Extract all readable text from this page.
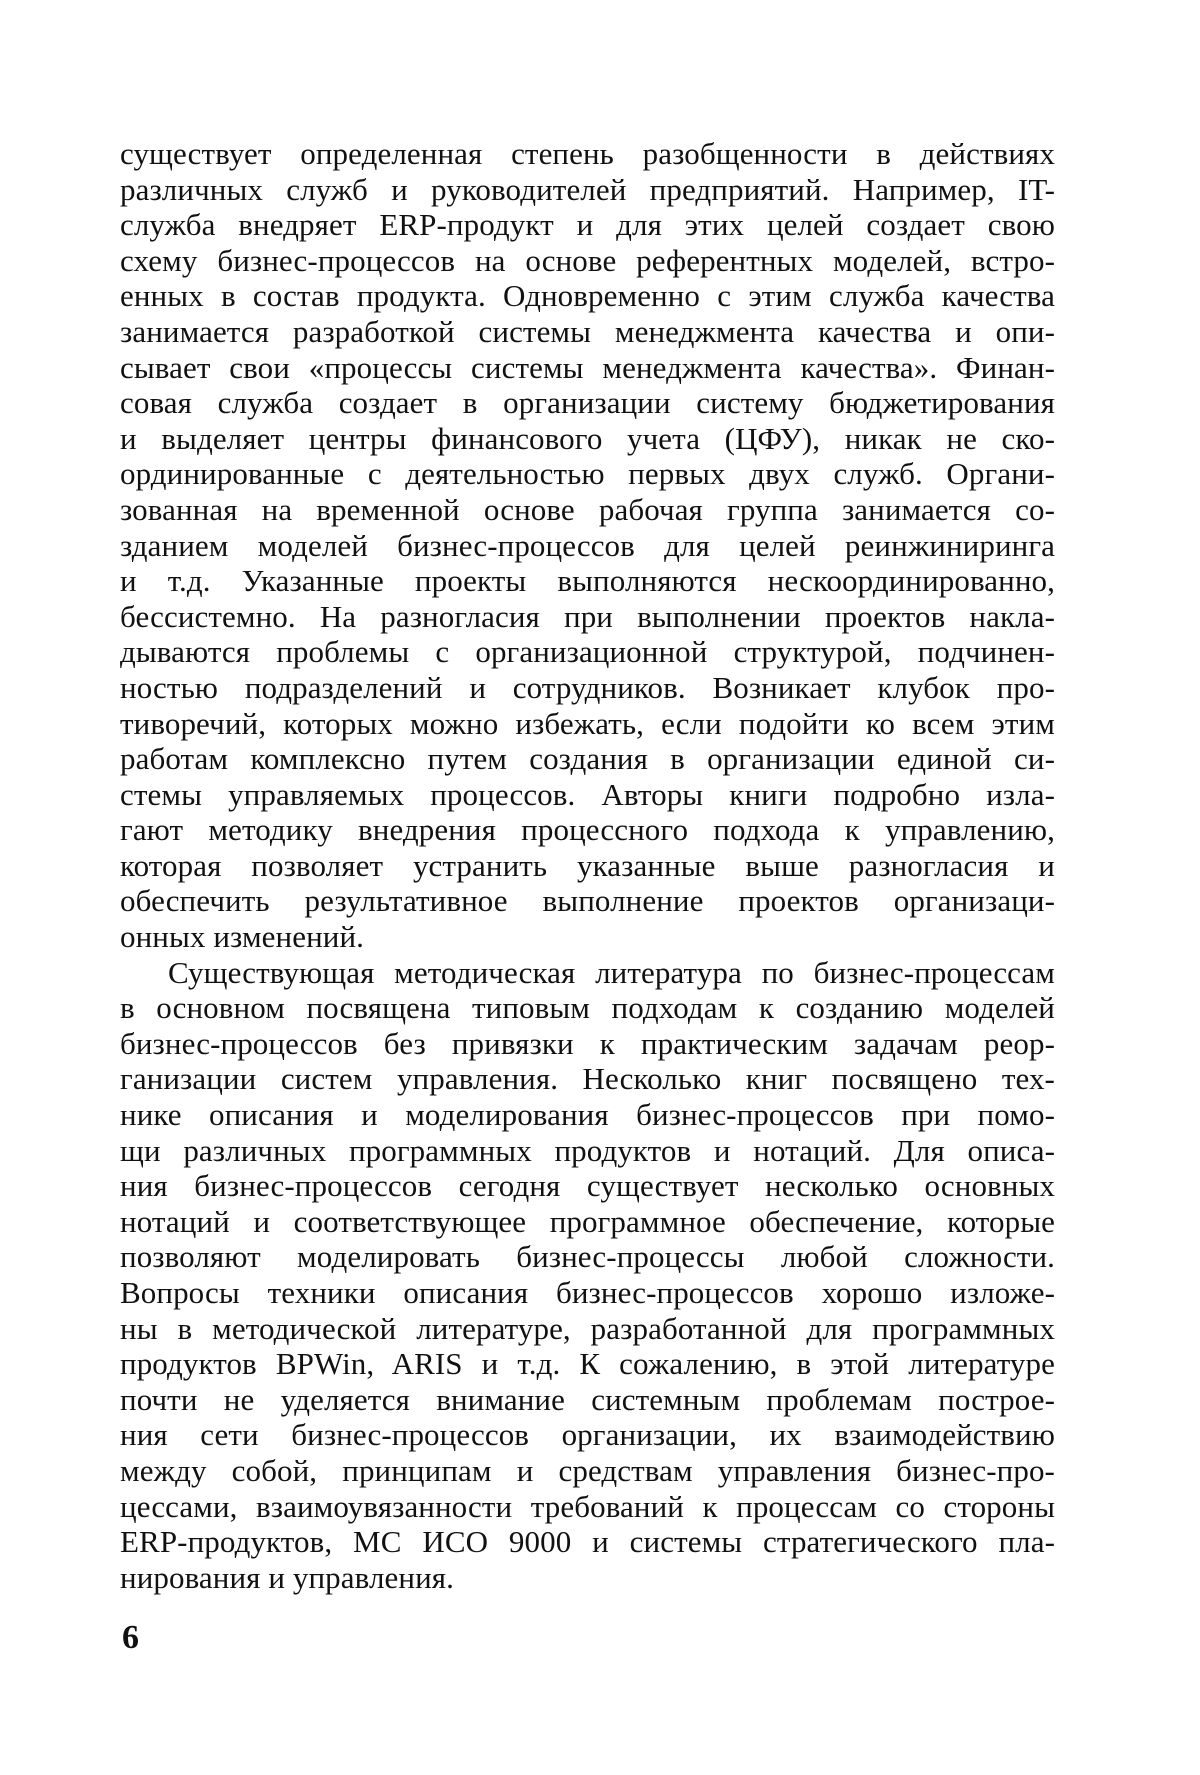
существует определенная степень разобщенности в действиях
различных служб и руководителей предприятий. Например, IT-
служба внедряет ERP-продукт и для этих целей создает свою
схему бизнес-процессов на основе референтных моделей, встро-
енных в состав продукта. Одновременно с этим служба качества
занимается разработкой системы менеджмента качества и опи-
сывает свои «процессы системы менеджмента качества». Финан-
совая служба создает в организации систему бюджетирования
и выделяет центры финансового учета (ЦФУ), никак не ско-
ординированные с деятельностью первых двух служб. Органи-
зованная на временной основе рабочая группа занимается со-
зданием моделей бизнес-процессов для целей реинжиниринга
и т.д. Указанные проекты выполняются нескоординированно,
бессистемно. На разногласия при выполнении проектов накла-
дываются проблемы с организационной структурой, подчинен-
ностью подразделений и сотрудников. Возникает клубок про-
тиворечий, которых можно избежать, если подойти ко всем этим
работам комплексно путем создания в организации единой си-
стемы управляемых процессов. Авторы книги подробно изла-
гают методику внедрения процессного подхода к управлению,
которая позволяет устранить указанные выше разногласия и
обеспечить результативное выполнение проектов организаци-
онных изменений.
Существующая методическая литература по бизнес-процессам
в основном посвящена типовым подходам к созданию моделей
бизнес-процессов без привязки к практическим задачам реор-
ганизации систем управления. Несколько книг посвящено тех-
нике описания и моделирования бизнес-процессов при помо-
щи различных программных продуктов и нотаций. Для описа-
ния бизнес-процессов сегодня существует несколько основных
нотаций и соответствующее программное обеспечение, которые
позволяют моделировать бизнес-процессы любой сложности.
Вопросы техники описания бизнес-процессов хорошо изложе-
ны в методической литературе, разработанной для программных
продуктов BPWin, ARIS и т.д. К сожалению, в этой литературе
почти не уделяется внимание системным проблемам построе-
ния сети бизнес-процессов организации, их взаимодействию
между собой, принципам и средствам управления бизнес-про-
цессами, взаимоувязанности требований к процессам со стороны
ERP-продуктов, МС ИСО 9000 и системы стратегического пла-
нирования и управления.
6
